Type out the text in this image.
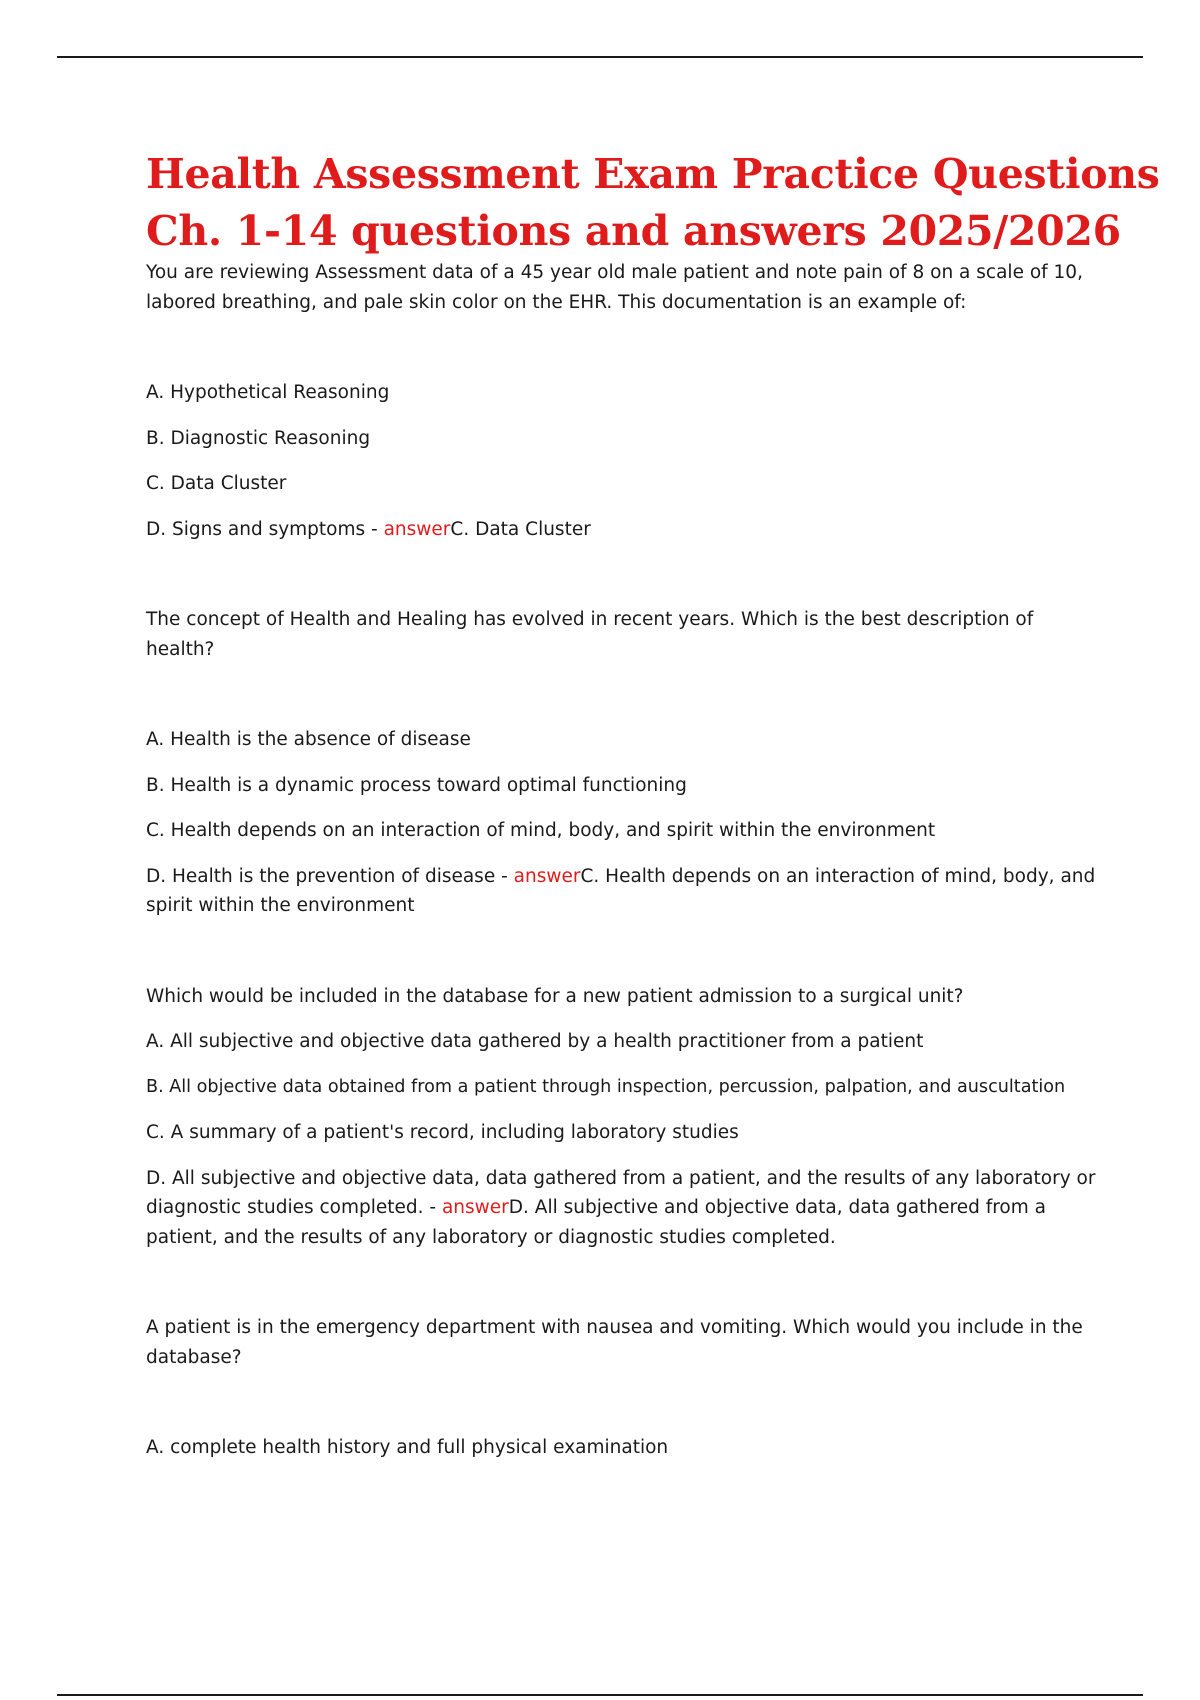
Health Assessment Exam Practice Questions
Ch. 1-14 questions and answers 2025/2026

You are reviewing Assessment data of a 45 year old male patient and note pain of 8 on a scale of 10, labored breathing, and pale skin color on the EHR. This documentation is an example of:

A. Hypothetical Reasoning

B. Diagnostic Reasoning

C. Data Cluster

D. Signs and symptoms - answerC. Data Cluster

The concept of Health and Healing has evolved in recent years. Which is the best description of health?

A. Health is the absence of disease

B. Health is a dynamic process toward optimal functioning

C. Health depends on an interaction of mind, body, and spirit within the environment

D. Health is the prevention of disease - answerC. Health depends on an interaction of mind, body, and spirit within the environment

Which would be included in the database for a new patient admission to a surgical unit?

A. All subjective and objective data gathered by a health practitioner from a patient

B. All objective data obtained from a patient through inspection, percussion, palpation, and auscultation

C. A summary of a patient's record, including laboratory studies

D. All subjective and objective data, data gathered from a patient, and the results of any laboratory or diagnostic studies completed. - answerD. All subjective and objective data, data gathered from a patient, and the results of any laboratory or diagnostic studies completed.

A patient is in the emergency department with nausea and vomiting. Which would you include in the database?

A. complete health history and full physical examination
